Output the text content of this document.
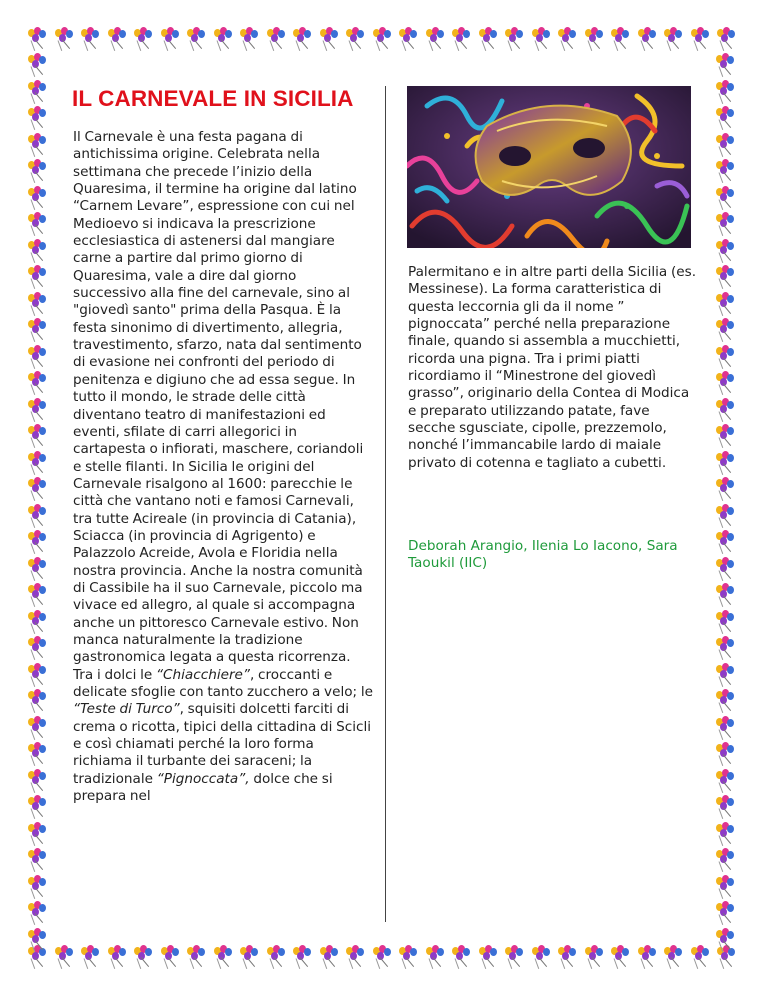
IL CARNEVALE IN SICILIA
Il Carnevale è una festa pagana di antichissima origine. Celebrata nella settimana che precede l’inizio della Quaresima, il termine ha origine dal latino “Carnem Levare”, espressione con cui nel Medioevo si indicava la prescrizione ecclesiastica di astenersi dal mangiare carne a partire dal primo giorno di Quaresima, vale a dire dal giorno successivo alla fine del carnevale, sino al "giovedì santo" prima della Pasqua. È la festa sinonimo di divertimento, allegria, travestimento, sfarzo, nata dal sentimento di evasione nei confronti del periodo di penitenza e digiuno che ad essa segue. In tutto il mondo, le strade delle città diventano teatro di manifestazioni ed eventi, sfilate di carri allegorici in cartapesta o infiorati, maschere, coriandoli e stelle filanti. In Sicilia le origini del Carnevale risalgono al 1600: parecchie le città che vantano noti e famosi Carnevali, tra tutte Acireale (in provincia di Catania), Sciacca (in provincia di Agrigento) e Palazzolo Acreide, Avola e Floridia nella nostra provincia. Anche la nostra comunità di Cassibile ha il suo Carnevale, piccolo ma vivace ed allegro, al quale si accompagna anche un pittoresco Carnevale estivo. Non manca naturalmente la tradizione gastronomica legata a questa ricorrenza. Tra i dolci le “Chiacchiere”, croccanti e delicate sfoglie con tanto zucchero a velo; le “Teste di Turco”, squisiti dolcetti farciti di crema o ricotta, tipici della cittadina di Scicli e così chiamati perché la loro forma richiama il turbante dei saraceni; la tradizionale “Pignoccata”, dolce che si prepara nel
Palermitano e in altre parti della Sicilia (es. Messinese). La forma caratteristica di questa leccornia gli da il nome ” pignoccata” perché nella preparazione finale, quando si assembla a mucchietti, ricorda una pigna. Tra i primi piatti ricordiamo il “Minestrone del giovedì grasso”, originario della Contea di Modica e preparato utilizzando patate, fave secche sgusciate, cipolle, prezzemolo, nonché l’immancabile lardo di maiale privato di cotenna e tagliato a cubetti.
Deborah Arangio, Ilenia Lo Iacono, Sara Taoukil (IIC)
